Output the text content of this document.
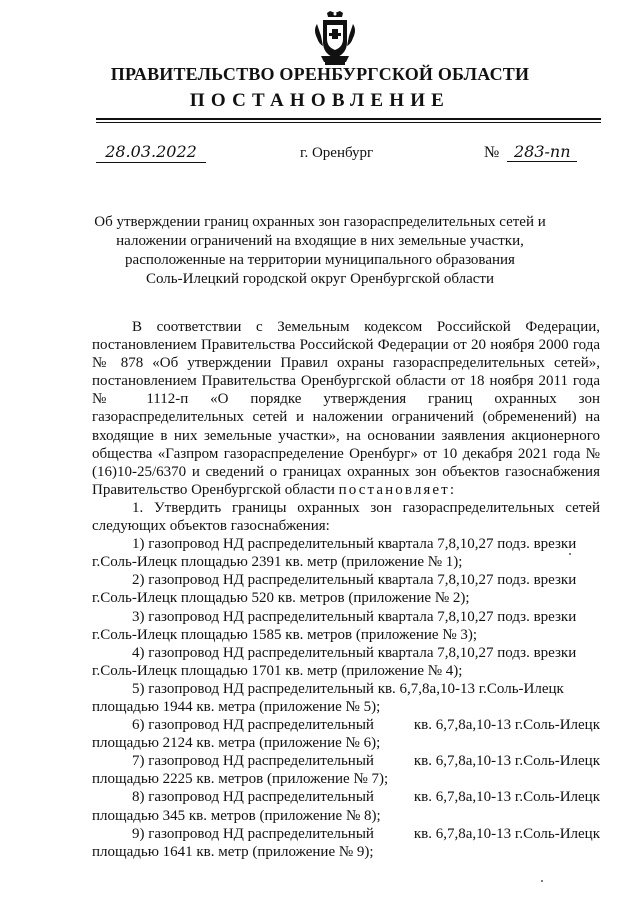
ПРАВИТЕЛЬСТВО ОРЕНБУРГСКОЙ ОБЛАСТИ
ПОСТАНОВЛЕНИЕ
28.03.2022	г. Оренбург	№ 283-пп
Об утверждении границ охранных зон газораспределительных сетей и
наложении ограничений на входящие в них земельные участки,
расположенные на территории муниципального образования
Соль-Илецкий городской округ Оренбургской области

В соответствии с Земельным кодексом Российской Федерации, постановлением Правительства Российской Федерации от 20 ноября 2000 года № 878 «Об утверждении Правил охраны газораспределительных сетей», постановлением Правительства Оренбургской области от 18 ноября 2011 года № 1112-п «О порядке утверждения границ охранных зон газораспределительных сетей и наложении ограничений (обременений) на входящие в них земельные участки», на основании заявления акционерного общества «Газпром газораспределение Оренбург» от 10 декабря 2021 года № (16)10-25/6370 и сведений о границах охранных зон объектов газоснабжения Правительство Оренбургской области постановляет:

1. Утвердить границы охранных зон газораспределительных сетей следующих объектов газоснабжения:

1) газопровод НД распределительный квартала 7,8,10,27 подз. врезки
г.Соль-Илецк площадью 2391 кв. метр (приложение № 1);
2) газопровод НД распределительный квартала 7,8,10,27 подз. врезки
г.Соль-Илецк площадью 520 кв. метров (приложение № 2);
3) газопровод НД распределительный квартала 7,8,10,27 подз. врезки
г.Соль-Илецк площадью 1585 кв. метров (приложение № 3);
4) газопровод НД распределительный квартала 7,8,10,27 подз. врезки
г.Соль-Илецк площадью 1701 кв. метр (приложение № 4);
5) газопровод НД распределительный кв. 6,7,8а,10-13 г.Соль-Илецк
площадью 1944 кв. метра (приложение № 5);
6) газопровод НД распределительный	кв. 6,7,8а,10-13 г.Соль-Илецк
площадью 2124 кв. метра (приложение № 6);
7) газопровод НД распределительный	кв. 6,7,8а,10-13 г.Соль-Илецк
площадью 2225 кв. метров (приложение № 7);
8) газопровод НД распределительный	кв. 6,7,8а,10-13 г.Соль-Илецк
площадью 345 кв. метров (приложение № 8);
9) газопровод НД распределительный	кв. 6,7,8а,10-13 г.Соль-Илецк
площадью 1641 кв. метр (приложение № 9);
